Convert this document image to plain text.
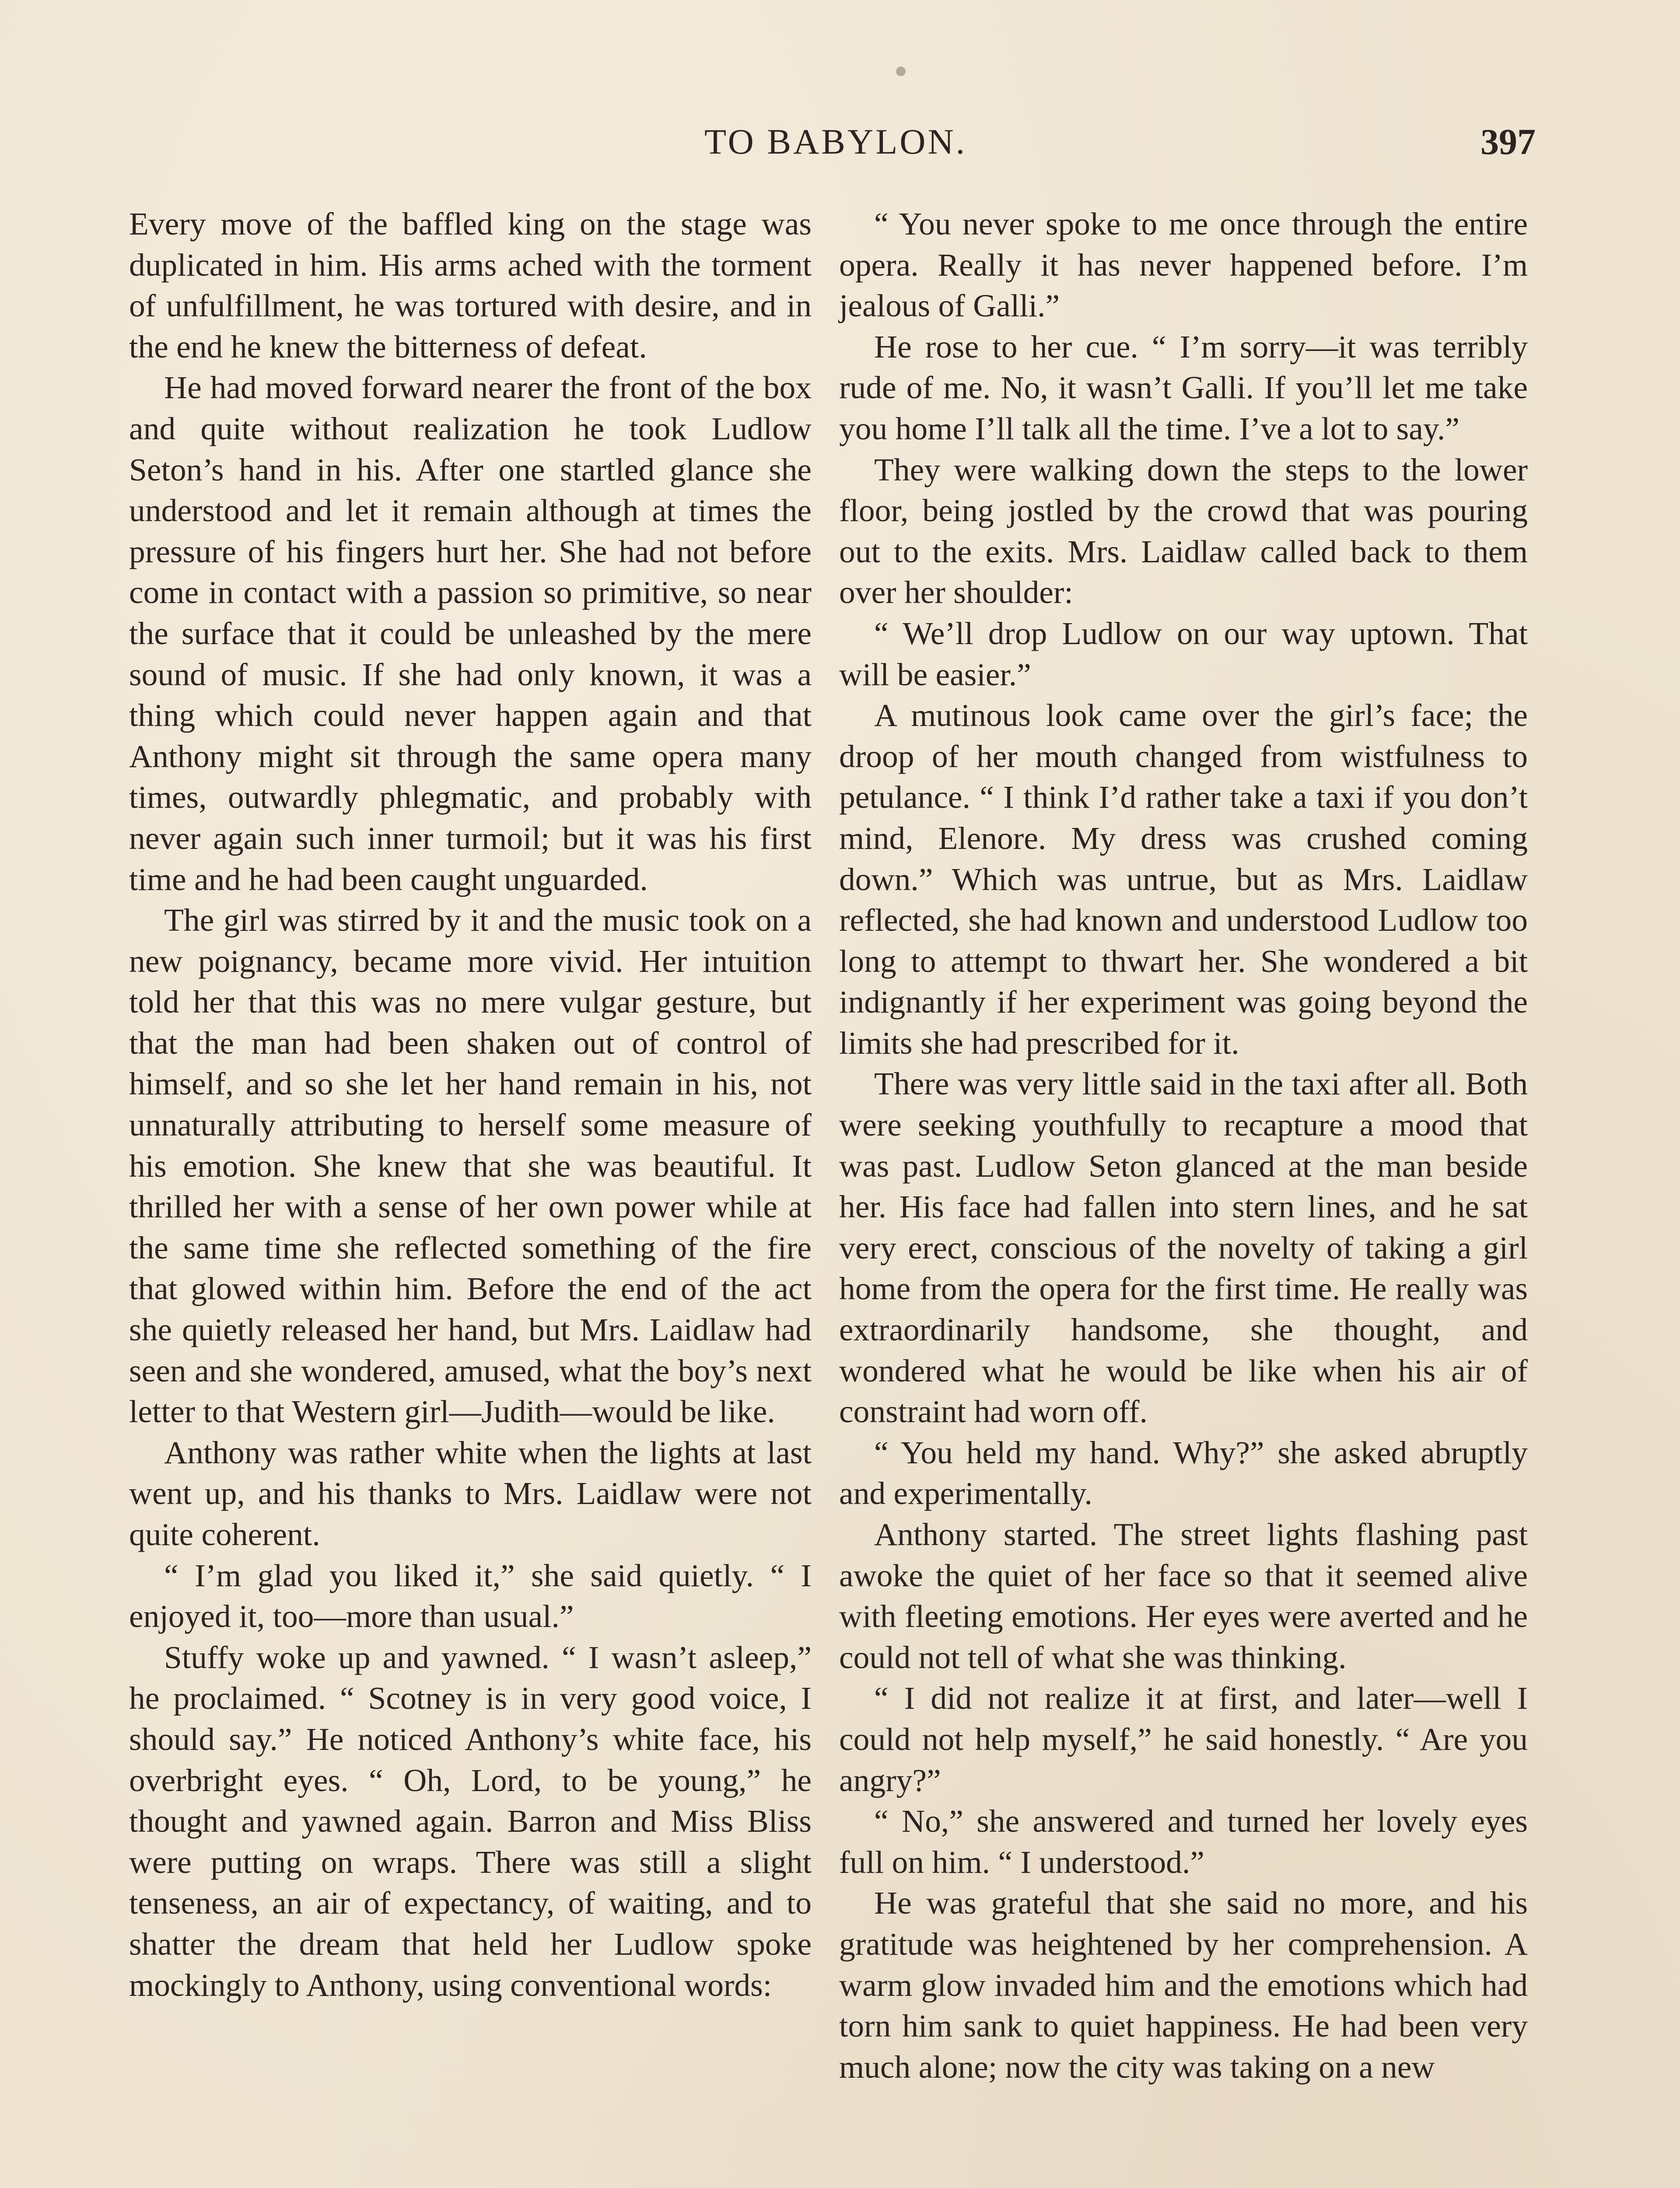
TO BABYLON.	397

Every move of the baffled king on the stage was duplicated in him. His arms ached with the torment of unfulfillment, he was tortured with desire, and in the end he knew the bitterness of defeat.

He had moved forward nearer the front of the box and quite without realization he took Ludlow Seton’s hand in his. After one startled glance she understood and let it remain although at times the pressure of his fingers hurt her. She had not before come in contact with a passion so primitive, so near the surface that it could be unleashed by the mere sound of music. If she had only known, it was a thing which could never happen again and that Anthony might sit through the same opera many times, outwardly phlegmatic, and probably with never again such inner turmoil; but it was his first time and he had been caught unguarded.

The girl was stirred by it and the music took on a new poignancy, became more vivid. Her intuition told her that this was no mere vulgar gesture, but that the man had been shaken out of control of himself, and so she let her hand remain in his, not unnaturally attributing to herself some measure of his emotion. She knew that she was beautiful. It thrilled her with a sense of her own power while at the same time she reflected something of the fire that glowed within him. Before the end of the act she quietly released her hand, but Mrs. Laidlaw had seen and she wondered, amused, what the boy’s next letter to that Western girl—Judith—would be like.

Anthony was rather white when the lights at last went up, and his thanks to Mrs. Laidlaw were not quite coherent.

“ I’m glad you liked it,” she said quietly. “ I enjoyed it, too—more than usual.”

Stuffy woke up and yawned. “ I wasn’t asleep,” he proclaimed. “ Scotney is in very good voice, I should say.” He noticed Anthony’s white face, his overbright eyes. “ Oh, Lord, to be young,” he thought and yawned again. Barron and Miss Bliss were putting on wraps. There was still a slight tenseness, an air of expectancy, of waiting, and to shatter the dream that held her Ludlow spoke mockingly to Anthony, using conventional words:

“ You never spoke to me once through the entire opera. Really it has never happened before. I’m jealous of Galli.”

He rose to her cue. “ I’m sorry—it was terribly rude of me. No, it wasn’t Galli. If you’ll let me take you home I’ll talk all the time. I’ve a lot to say.”

They were walking down the steps to the lower floor, being jostled by the crowd that was pouring out to the exits. Mrs. Laidlaw called back to them over her shoulder:

“ We’ll drop Ludlow on our way uptown. That will be easier.”

A mutinous look came over the girl’s face; the droop of her mouth changed from wistfulness to petulance. “ I think I’d rather take a taxi if you don’t mind, Elenore. My dress was crushed coming down.” Which was untrue, but as Mrs. Laidlaw reflected, she had known and understood Ludlow too long to attempt to thwart her. She wondered a bit indignantly if her experiment was going beyond the limits she had prescribed for it.

There was very little said in the taxi after all. Both were seeking youthfully to recapture a mood that was past. Ludlow Seton glanced at the man beside her. His face had fallen into stern lines, and he sat very erect, conscious of the novelty of taking a girl home from the opera for the first time. He really was extraordinarily handsome, she thought, and wondered what he would be like when his air of constraint had worn off.

“ You held my hand. Why?” she asked abruptly and experimentally.

Anthony started. The street lights flashing past awoke the quiet of her face so that it seemed alive with fleeting emotions. Her eyes were averted and he could not tell of what she was thinking.

“ I did not realize it at first, and later—well I could not help myself,” he said honestly. “ Are you angry?”

“ No,” she answered and turned her lovely eyes full on him. “ I understood.”

He was grateful that she said no more, and his gratitude was heightened by her comprehension. A warm glow invaded him and the emotions which had torn him sank to quiet happiness. He had been very much alone; now the city was taking on a new
